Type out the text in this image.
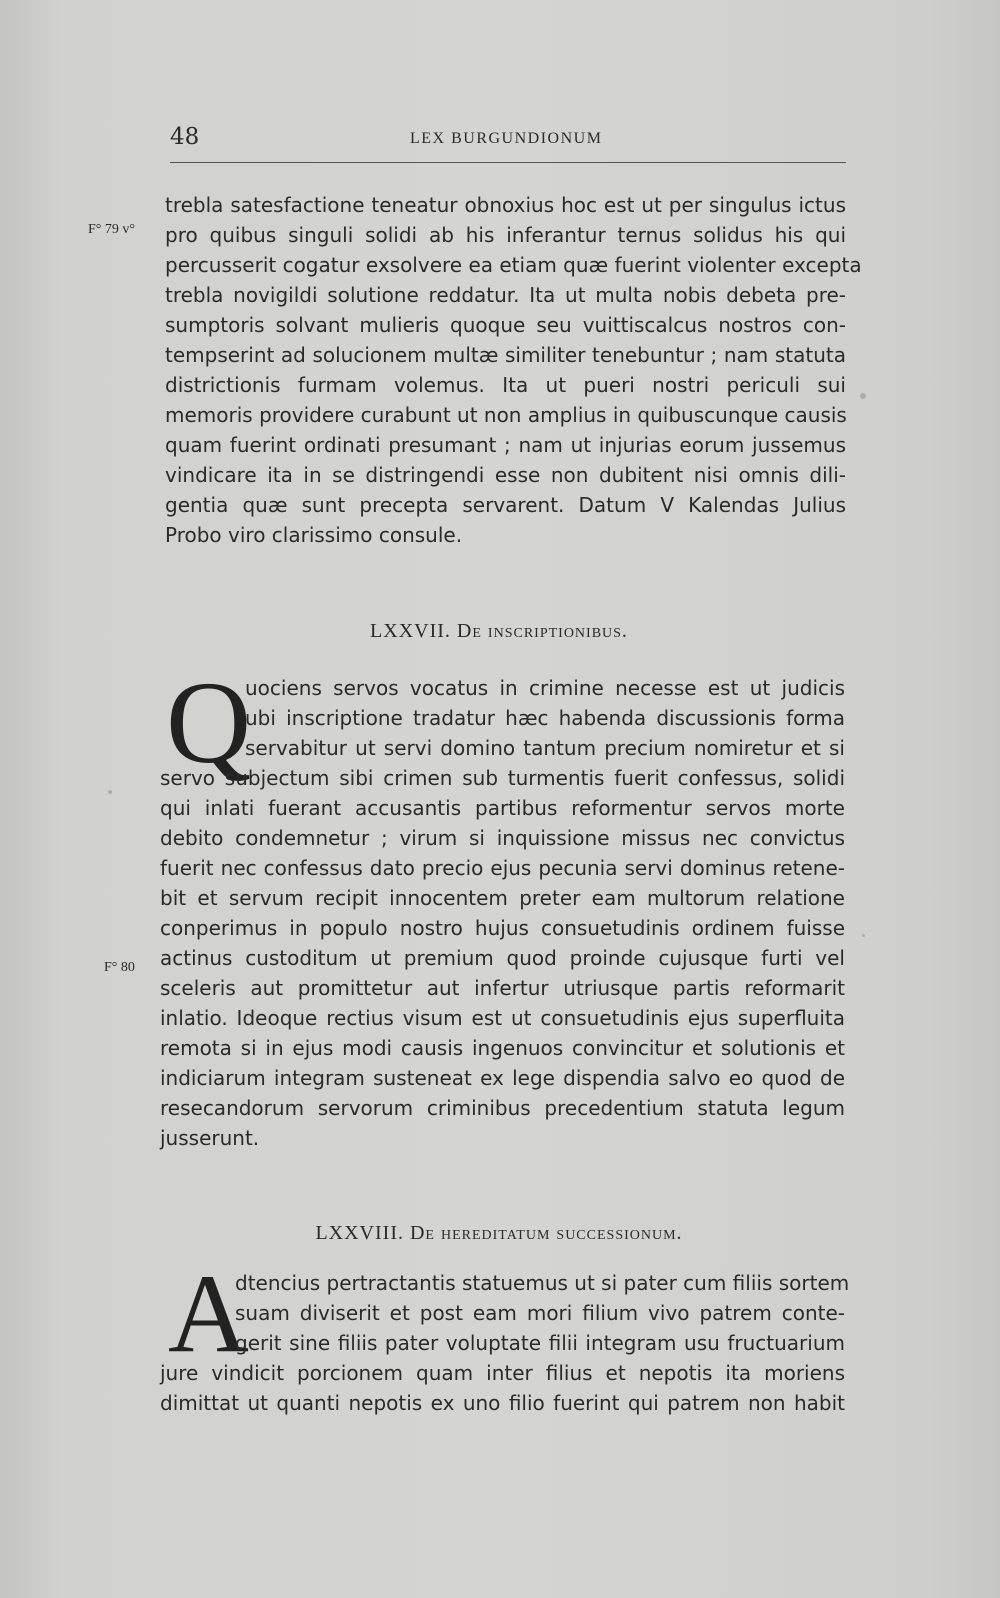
48	LEX BURGUNDIONUM
F° 79 v°
trebla satesfactione teneatur obnoxius hoc est ut per singulus ictus
pro quibus singuli solidi ab his inferantur ternus solidus his qui
percusserit cogatur exsolvere ea etiam quæ fuerint violenter excepta
trebla novigildi solutione reddatur. Ita ut multa nobis debeta pre-
sumptoris solvant mulieris quoque seu vuittiscalcus nostros con-
tempserint ad solucionem multæ similiter tenebuntur ; nam statuta
districtionis furmam volemus. Ita ut pueri nostri periculi sui
memoris providere curabunt ut non amplius in quibuscunque causis
quam fuerint ordinati presumant ; nam ut injurias eorum jussemus
vindicare ita in se distringendi esse non dubitent nisi omnis dili-
gentia quæ sunt precepta servarent. Datum V Kalendas Julius
Probo viro clarissimo consule.
LXXVII. De inscriptionibus.
Q
uociens servos vocatus in crimine necesse est ut judicis
ubi inscriptione tradatur hæc habenda discussionis forma
servabitur ut servi domino tantum precium nomiretur et si
servo subjectum sibi crimen sub turmentis fuerit confessus, solidi
qui inlati fuerant accusantis partibus reformentur servos morte
debito condemnetur ; virum si inquissione missus nec convictus
fuerit nec confessus dato precio ejus pecunia servi dominus retene-
bit et servum recipit innocentem preter eam multorum relatione
conperimus in populo nostro hujus consuetudinis ordinem fuisse
actinus custoditum ut premium quod proinde cujusque furti vel
sceleris aut promittetur aut infertur utriusque partis reformarit
inlatio. Ideoque rectius visum est ut consuetudinis ejus superfluita
remota si in ejus modi causis ingenuos convincitur et solutionis et
indiciarum integram susteneat ex lege dispendia salvo eo quod de
resecandorum servorum criminibus precedentium statuta legum
jusserunt.
F° 80
LXXVIII. De hereditatum successionum.
A
dtencius pertractantis statuemus ut si pater cum filiis sortem
suam diviserit et post eam mori filium vivo patrem conte-
gerit sine filiis pater voluptate filii integram usu fructuarium
jure vindicit porcionem quam inter filius et nepotis ita moriens
dimittat ut quanti nepotis ex uno filio fuerint qui patrem non habit
